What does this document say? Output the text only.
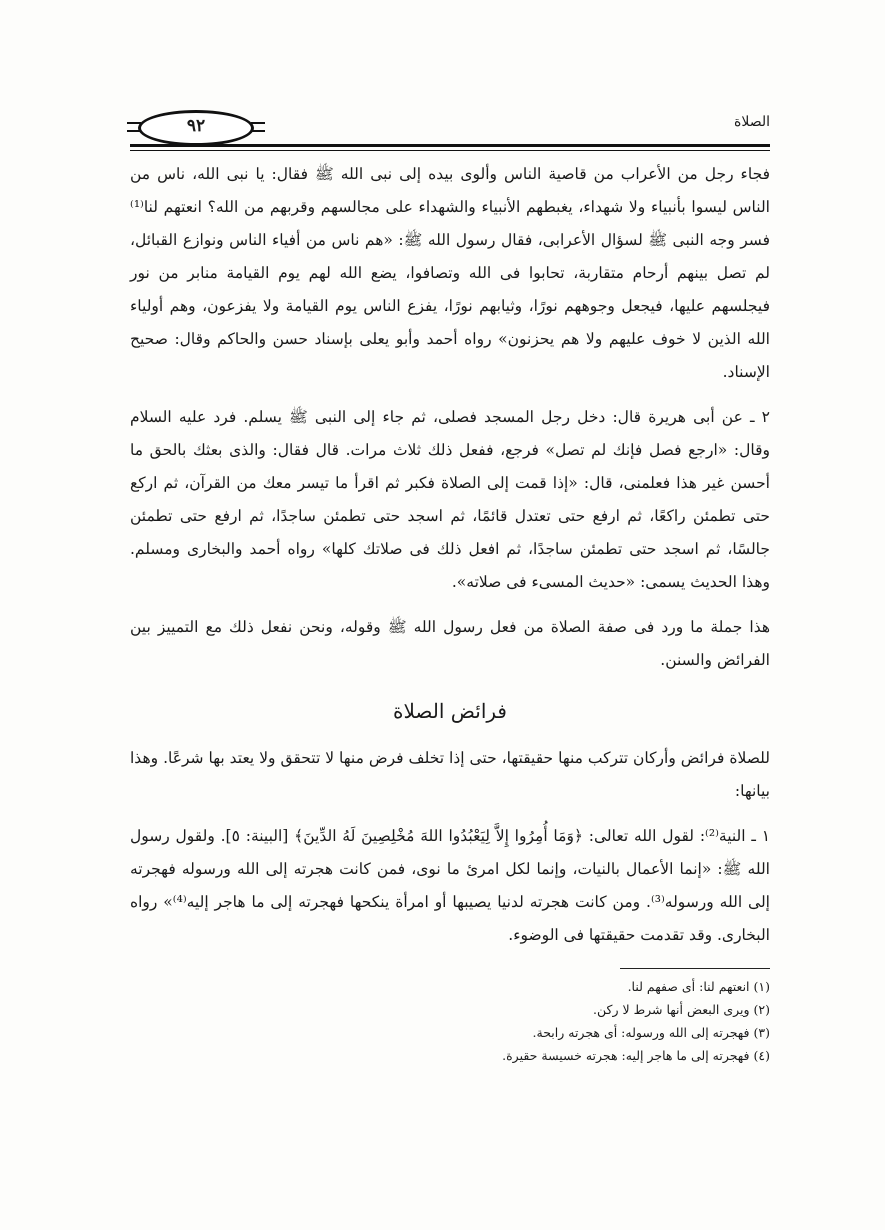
٩٢	الصلاة

فجاء رجل من الأعراب من قاصية الناس وألوى بيده إلى نبى الله ﷺ فقال: يا نبى الله، ناس من الناس ليسوا بأنبياء ولا شهداء، يغبطهم الأنبياء والشهداء على مجالسهم وقربهم من الله؟ انعتهم لنا⁽¹⁾ فسر وجه النبى ﷺ لسؤال الأعرابى، فقال رسول الله ﷺ: «هم ناس من أفياء الناس ونوازع القبائل، لم تصل بينهم أرحام متقاربة، تحابوا فى الله وتصافوا، يضع الله لهم يوم القيامة منابر من نور فيجلسهم عليها، فيجعل وجوههم نورًا، وثيابهم نورًا، يفزع الناس يوم القيامة ولا يفزعون، وهم أولياء الله الذين لا خوف عليهم ولا هم يحزنون» رواه أحمد وأبو يعلى بإسناد حسن والحاكم وقال: صحيح الإسناد.

٢ ـ عن أبى هريرة قال: دخل رجل المسجد فصلى، ثم جاء إلى النبى ﷺ يسلم. فرد عليه السلام وقال: «ارجع فصل فإنك لم تصل» فرجع، ففعل ذلك ثلاث مرات. قال فقال: والذى بعثك بالحق ما أحسن غير هذا فعلمنى، قال: «إذا قمت إلى الصلاة فكبر ثم اقرأ ما تيسر معك من القرآن، ثم اركع حتى تطمئن راكعًا، ثم ارفع حتى تعتدل قائمًا، ثم اسجد حتى تطمئن ساجدًا، ثم ارفع حتى تطمئن جالسًا، ثم اسجد حتى تطمئن ساجدًا، ثم افعل ذلك فى صلاتك كلها» رواه أحمد والبخارى ومسلم. وهذا الحديث يسمى: «حديث المسىء فى صلاته».

هذا جملة ما ورد فى صفة الصلاة من فعل رسول الله ﷺ وقوله، ونحن نفعل ذلك مع التمييز بين الفرائض والسنن.

فرائض الصلاة

للصلاة فرائض وأركان تتركب منها حقيقتها، حتى إذا تخلف فرض منها لا تتحقق ولا يعتد بها شرعًا. وهذا بيانها:

١ ـ النية⁽²⁾: لقول الله تعالى: ﴿وَمَا أُمِرُوا إِلاَّ لِيَعْبُدُوا اللهَ مُخْلِصِينَ لَهُ الدِّينَ﴾ [البينة: ٥]. ولقول رسول الله ﷺ: «إنما الأعمال بالنيات، وإنما لكل امرئ ما نوى، فمن كانت هجرته إلى الله ورسوله فهجرته إلى الله ورسوله⁽³⁾. ومن كانت هجرته لدنيا يصيبها أو امرأة ينكحها فهجرته إلى ما هاجر إليه⁽⁴⁾» رواه البخارى. وقد تقدمت حقيقتها فى الوضوء.

(١) انعتهم لنا: أى صفهم لنا.

(٢) ويرى البعض أنها شرط لا ركن.

(٣) فهجرته إلى الله ورسوله: أى هجرته رابحة.

(٤) فهجرته إلى ما هاجر إليه: هجرته خسيسة حقيرة.
